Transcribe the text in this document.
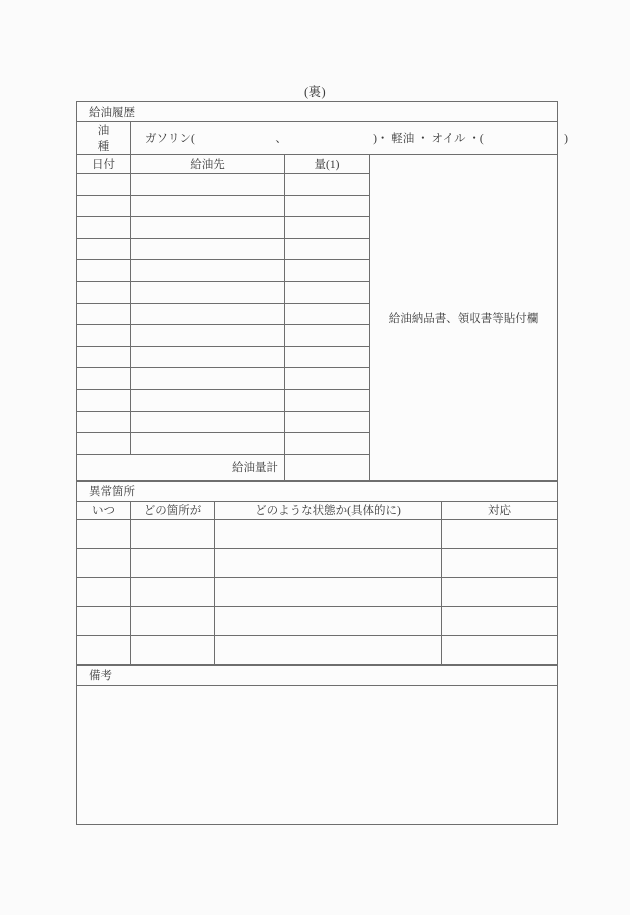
(裏)
給油履歴			
油　種	ガソリン(　　　　　　　、　　　　　　　　)・ 軽油 ・ オイル ・(　　　　　　　)		
日付	給油先	量(1)	給油納品書、領収書等貼付欄

給油量計			
異常箇所			
いつ	どの箇所が	どのような状態か(具体的に)	対応

備考
